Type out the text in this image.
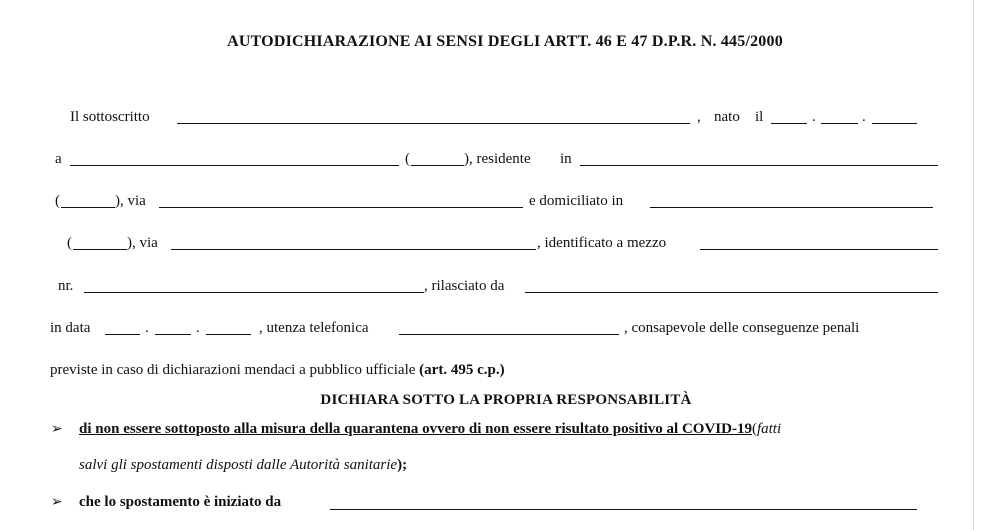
AUTODICHIARAZIONE AI SENSI DEGLI ARTT. 46 E 47 D.P.R. N. 445/2000
Il sottoscritto	, nato il	.	.
a	(	), residente in
(	), via	e domiciliato in
(	), via	, identificato a mezzo
nr.	, rilasciato da
in data	.	.	, utenza telefonica	, consapevole delle conseguenze penali
previste in caso di dichiarazioni mendaci a pubblico ufficiale (art. 495 c.p.)
DICHIARA SOTTO LA PROPRIA RESPONSABILITÀ
➢ di non essere sottoposto alla misura della quarantena ovvero di non essere risultato positivo al COVID-19(fatti
salvi gli spostamenti disposti dalle Autorità sanitarie);
➢ che lo spostamento è iniziato da
